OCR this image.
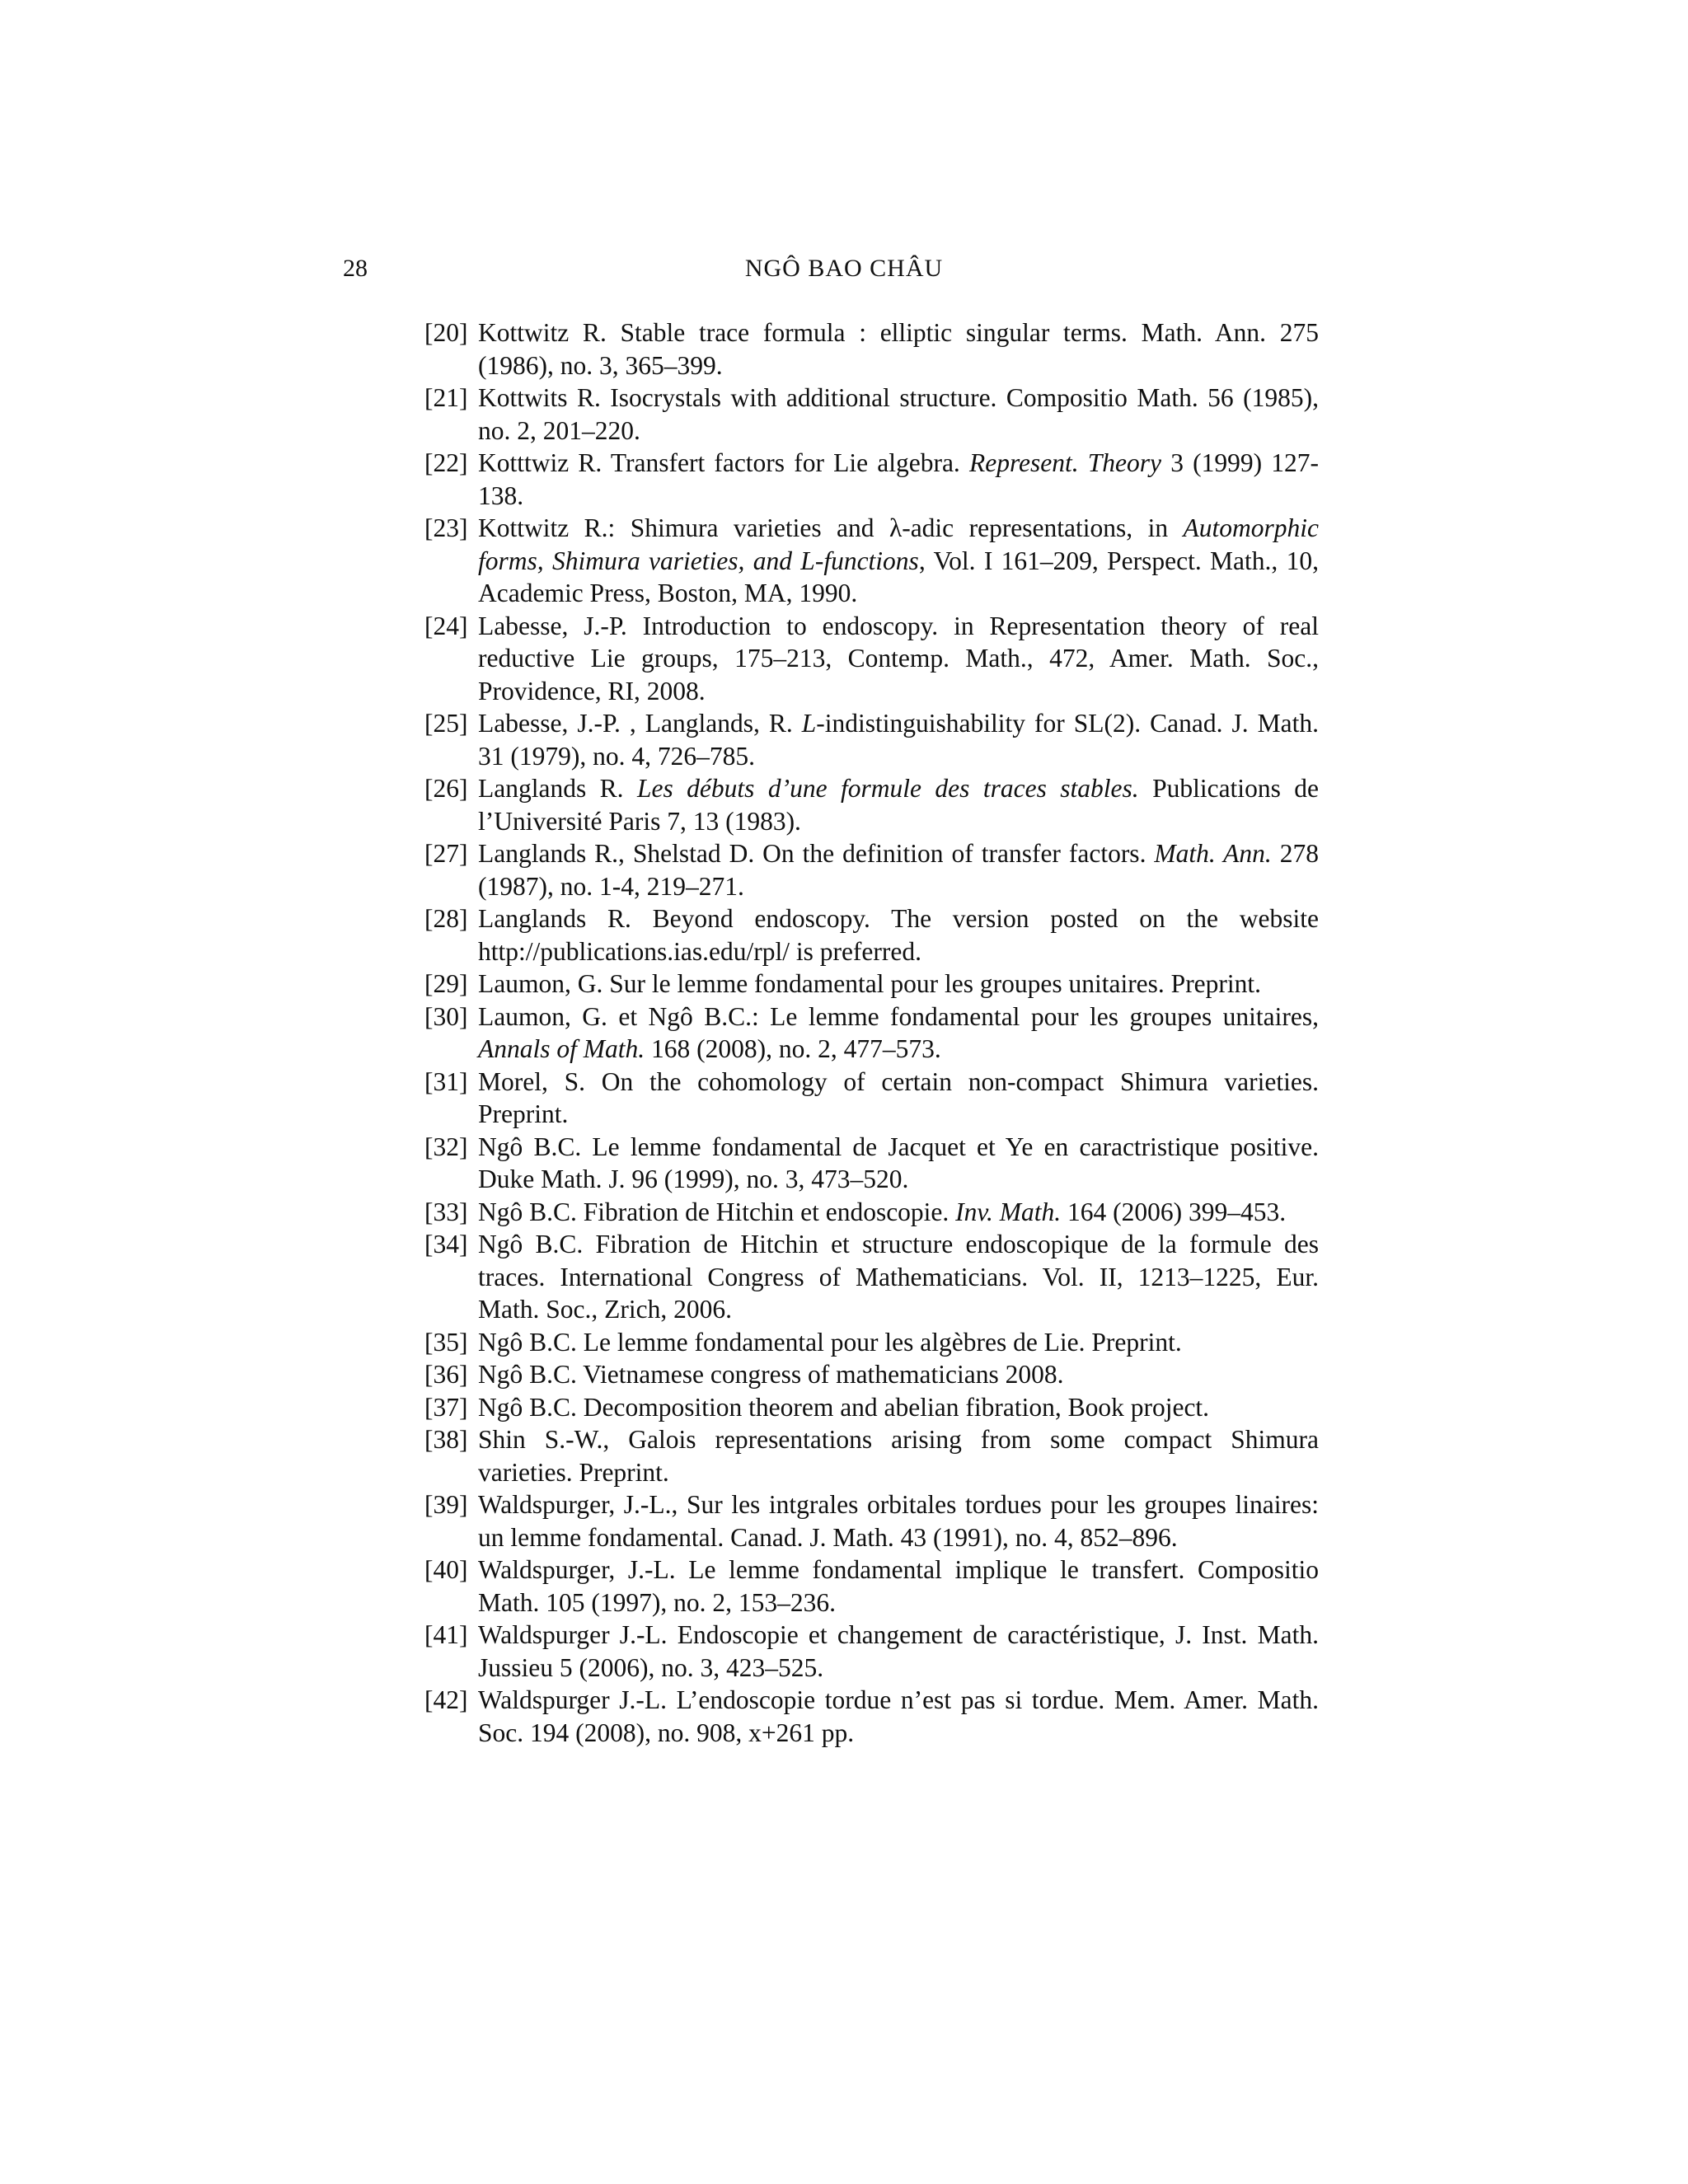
28	NGÔ BAO CHÂU
[20] Kottwitz R. Stable trace formula : elliptic singular terms. Math. Ann. 275 (1986), no. 3, 365–399.
[21] Kottwits R. Isocrystals with additional structure. Compositio Math. 56 (1985), no. 2, 201–220.
[22] Kotttwiz R. Transfert factors for Lie algebra. Represent. Theory 3 (1999) 127-138.
[23] Kottwitz R.: Shimura varieties and λ-adic representations, in Automorphic forms, Shimura varieties, and L-functions, Vol. I 161–209, Perspect. Math., 10, Academic Press, Boston, MA, 1990.
[24] Labesse, J.-P. Introduction to endoscopy. in Representation theory of real reductive Lie groups, 175–213, Contemp. Math., 472, Amer. Math. Soc., Providence, RI, 2008.
[25] Labesse, J.-P. , Langlands, R. L-indistinguishability for SL(2). Canad. J. Math. 31 (1979), no. 4, 726–785.
[26] Langlands R. Les débuts d’une formule des traces stables. Publications de l’Université Paris 7, 13 (1983).
[27] Langlands R., Shelstad D. On the definition of transfer factors. Math. Ann. 278 (1987), no. 1-4, 219–271.
[28] Langlands R. Beyond endoscopy. The version posted on the website http://publications.ias.edu/rpl/ is preferred.
[29] Laumon, G. Sur le lemme fondamental pour les groupes unitaires. Preprint.
[30] Laumon, G. et Ngô B.C.: Le lemme fondamental pour les groupes unitaires, Annals of Math. 168 (2008), no. 2, 477–573.
[31] Morel, S. On the cohomology of certain non-compact Shimura varieties. Preprint.
[32] Ngô B.C. Le lemme fondamental de Jacquet et Ye en caractristique positive. Duke Math. J. 96 (1999), no. 3, 473–520.
[33] Ngô B.C. Fibration de Hitchin et endoscopie. Inv. Math. 164 (2006) 399–453.
[34] Ngô B.C. Fibration de Hitchin et structure endoscopique de la formule des traces. International Congress of Mathematicians. Vol. II, 1213–1225, Eur. Math. Soc., Zrich, 2006.
[35] Ngô B.C. Le lemme fondamental pour les algèbres de Lie. Preprint.
[36] Ngô B.C. Vietnamese congress of mathematicians 2008.
[37] Ngô B.C. Decomposition theorem and abelian fibration, Book project.
[38] Shin S.-W., Galois representations arising from some compact Shimura varieties. Preprint.
[39] Waldspurger, J.-L., Sur les intgrales orbitales tordues pour les groupes linaires: un lemme fondamental. Canad. J. Math. 43 (1991), no. 4, 852–896.
[40] Waldspurger, J.-L. Le lemme fondamental implique le transfert. Compositio Math. 105 (1997), no. 2, 153–236.
[41] Waldspurger J.-L. Endoscopie et changement de caractéristique, J. Inst. Math. Jussieu 5 (2006), no. 3, 423–525.
[42] Waldspurger J.-L. L’endoscopie tordue n’est pas si tordue. Mem. Amer. Math. Soc. 194 (2008), no. 908, x+261 pp.
